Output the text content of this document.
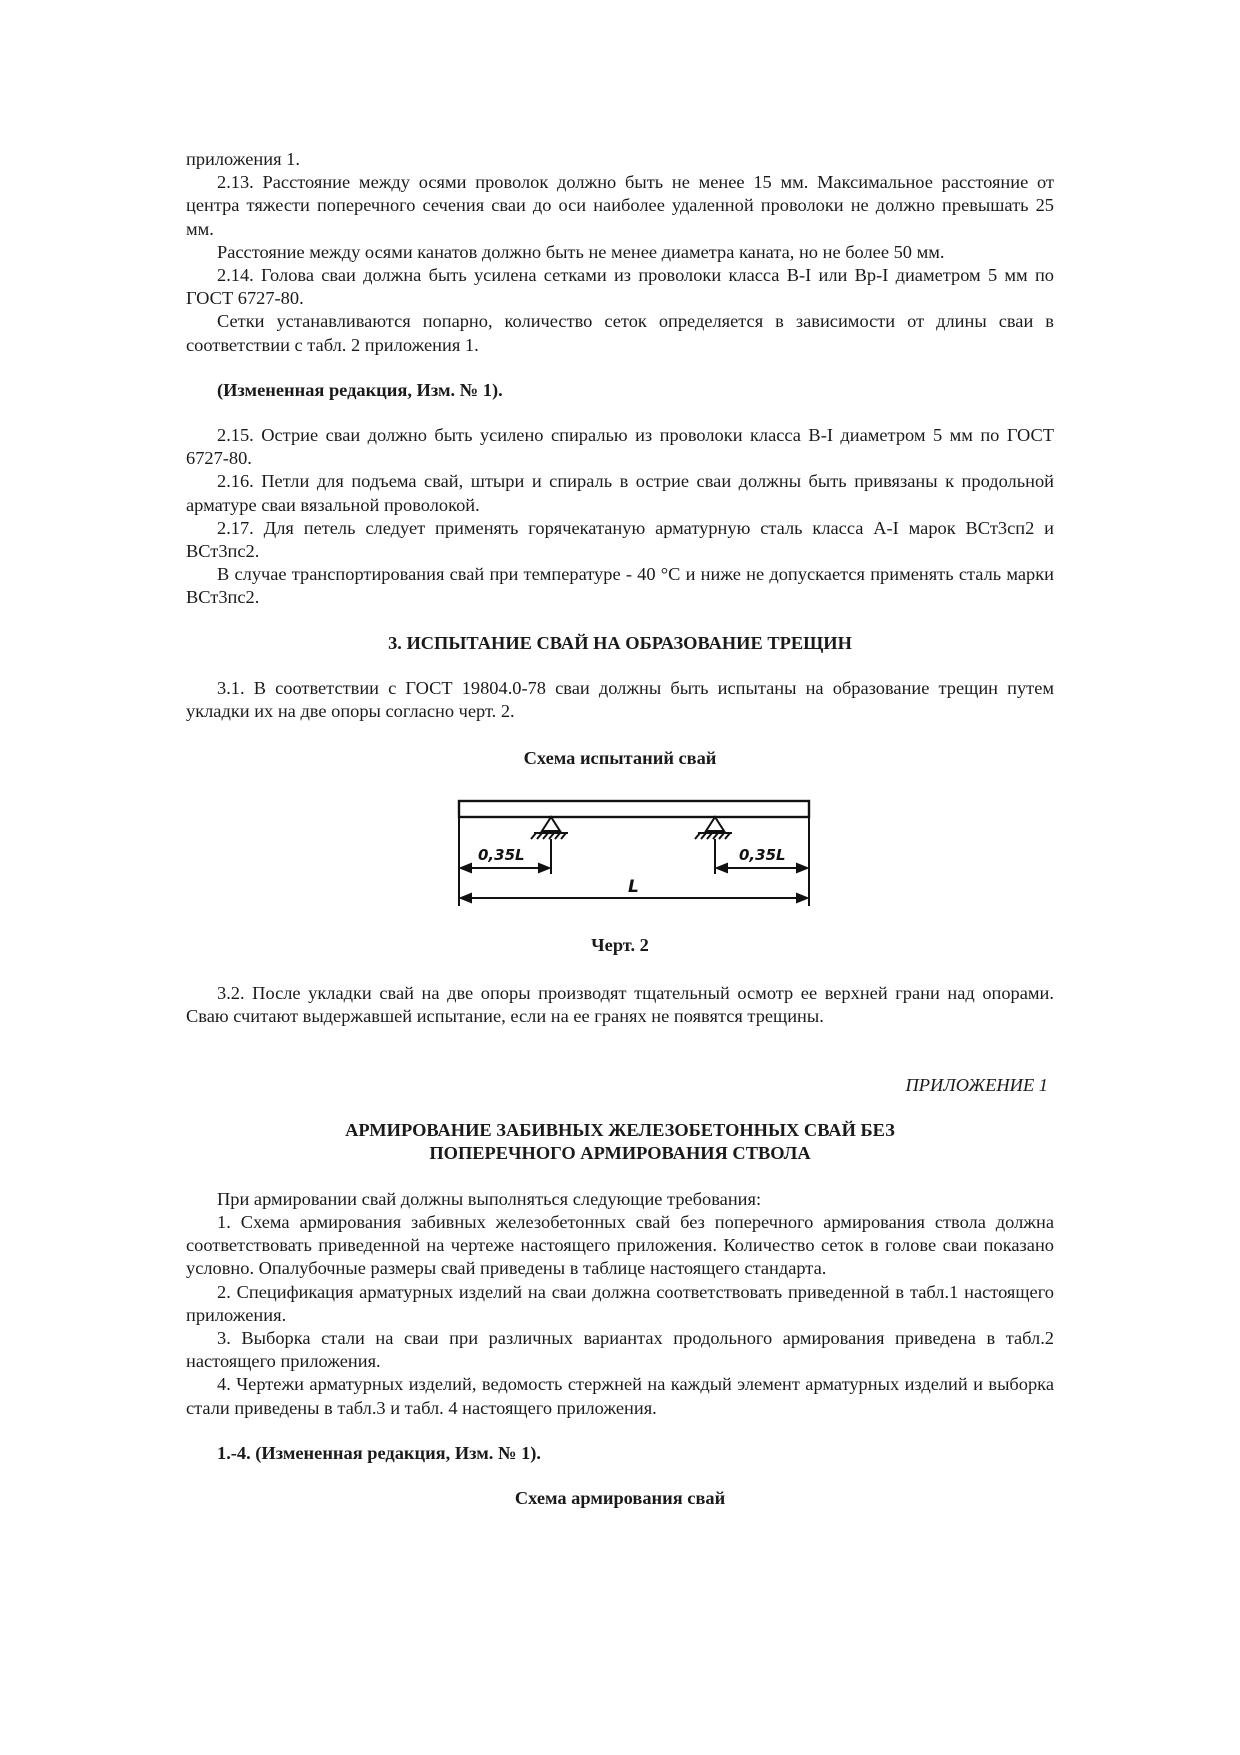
приложения 1.

2.13. Расстояние между осями проволок должно быть не менее 15 мм. Максимальное расстояние от центра тяжести поперечного сечения сваи до оси наиболее удаленной проволоки не должно превышать 25 мм.

Расстояние между осями канатов должно быть не менее диаметра каната, но не более 50 мм.

2.14. Голова сваи должна быть усилена сетками из проволоки класса В-I или Вр-I диаметром 5 мм по ГОСТ 6727-80.

Сетки устанавливаются попарно, количество сеток определяется в зависимости от длины сваи в соответствии с табл. 2 приложения 1.

(Измененная редакция, Изм. № 1).

2.15. Острие сваи должно быть усилено спиралью из проволоки класса В-I диаметром 5 мм по ГОСТ 6727-80.

2.16. Петли для подъема свай, штыри и спираль в острие сваи должны быть привязаны к продольной арматуре сваи вязальной проволокой.

2.17. Для петель следует применять горячекатаную арматурную сталь класса А-I марок ВСт3сп2 и ВСт3пс2.

В случае транспортирования свай при температуре - 40 °С и ниже не допускается применять сталь марки ВСт3пс2.

3. ИСПЫТАНИЕ СВАЙ НА ОБРАЗОВАНИЕ ТРЕЩИН

3.1. В соответствии с ГОСТ 19804.0-78 сваи должны быть испытаны на образование трещин путем укладки их на две опоры согласно черт. 2.

Схема испытаний свай

0,35L	0,35L
L

Черт. 2

3.2. После укладки свай на две опоры производят тщательный осмотр ее верхней грани над опорами. Сваю считают выдержавшей испытание, если на ее гранях не появятся трещины.

ПРИЛОЖЕНИЕ 1

АРМИРОВАНИЕ ЗАБИВНЫХ ЖЕЛЕЗОБЕТОННЫХ СВАЙ БЕЗ

ПОПЕРЕЧНОГО АРМИРОВАНИЯ СТВОЛА

При армировании свай должны выполняться следующие требования:

1. Схема армирования забивных железобетонных свай без поперечного армирования ствола должна соответствовать приведенной на чертеже настоящего приложения. Количество сеток в голове сваи показано условно. Опалубочные размеры свай приведены в таблице настоящего стандарта.

2. Спецификация арматурных изделий на сваи должна соответствовать приведенной в табл.1 настоящего приложения.

3. Выборка стали на сваи при различных вариантах продольного армирования приведена в табл.2 настоящего приложения.

4. Чертежи арматурных изделий, ведомость стержней на каждый элемент арматурных изделий и выборка стали приведены в табл.3 и табл. 4 настоящего приложения.

1.-4. (Измененная редакция, Изм. № 1).

Схема армирования свай
